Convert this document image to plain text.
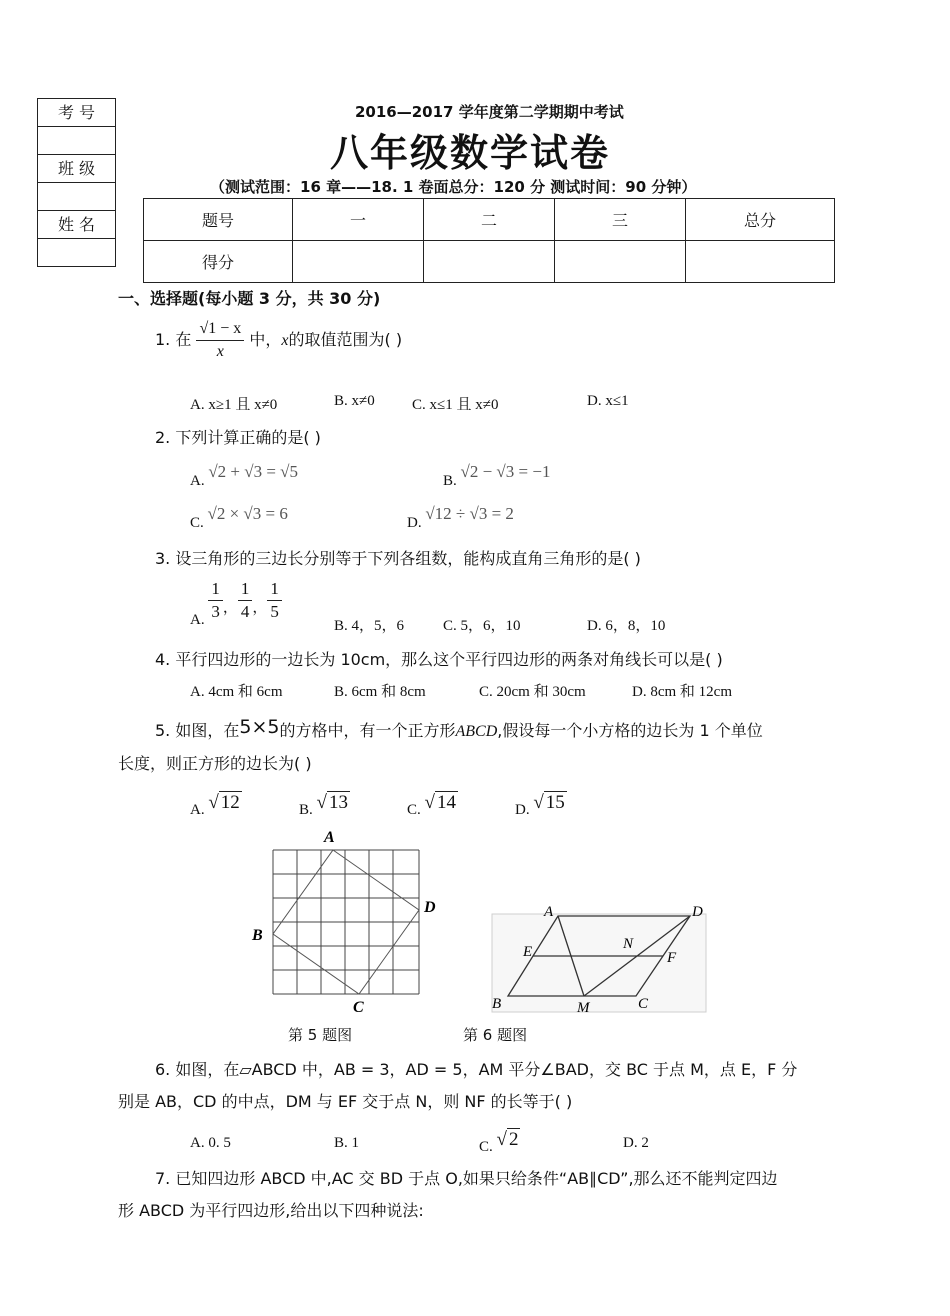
考 号
班 级
姓 名
2016—2017 学年度第二学期期中考试
八年级数学试卷
（测试范围：16 章——18. 1 卷面总分：120 分 测试时间：90 分钟）
题号	一	二	三	总分
得分				
一、选择题(每小题 3 分，共 30 分)
1. 在 $\frac{√1 - x}{x}$ 中，x的取值范围为( )
A. x≥1 且 x≠0	B. x≠0 C. x≤1 且 x≠0	D. x≤1
2. 下列计算正确的是( )
A. √2 + √3 = √5	B. √2 − √3 = −1
C. √2 × √3 = 6	D. √12 ÷ √3 = 2
3. 设三角形的三边长分别等于下列各组数，能构成直角三角形的是( )
A. $\frac{1}{3}$ ， $\frac{1}{4}$ ， $\frac{1}{5}$
B. 4，5，6	C. 5，6，10	D. 6，8，10
4. 平行四边形的一边长为 10cm，那么这个平行四边形的两条对角线长可以是( )
A. 4cm 和 6cm	B. 6cm 和 8cm	C. 20cm 和 30cm	D. 8cm 和 12cm
5. 如图，在5×5的方格中，有一个正方形ABCD,假设每一个小方格的边长为 1 个单位
长度，则正方形的边长为( )
A. √ 12	B. √ 13	C. √ 14	D. √ 15
A
B
C
D	A	D
E	N
F
B	M	C
第 5 题图	第 6 题图
6. 如图，在▱ABCD 中，AB = 3，AD = 5，AM 平分∠BAD，交 BC 于点 M，点 E，F 分
别是 AB，CD 的中点，DM 与 EF 交于点 N，则 NF 的长等于( )
A. 0. 5	B. 1	C. √ 2	D. 2
7. 已知四边形 ABCD 中,AC 交 BD 于点 O,如果只给条件“AB∥CD”,那么还不能判定四边
形 ABCD 为平行四边形,给出以下四种说法:
